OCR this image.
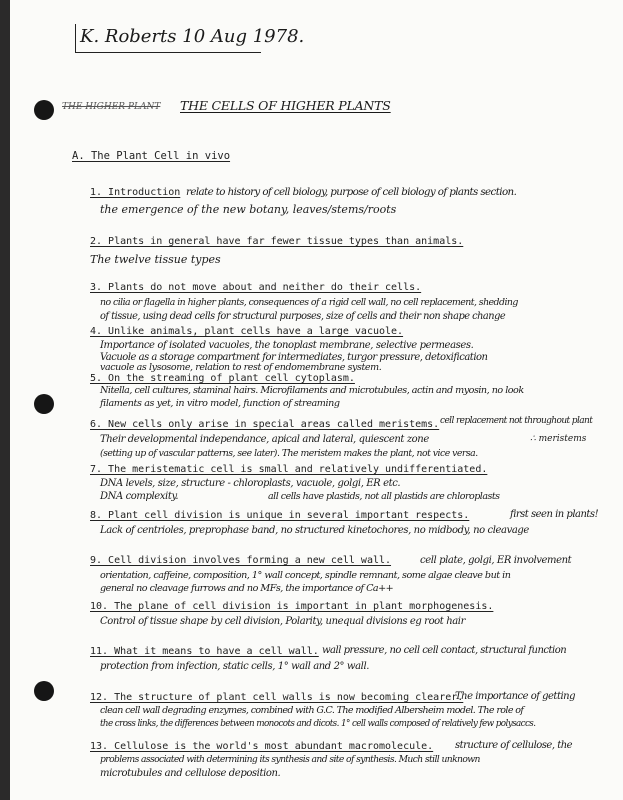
K. Roberts 10 Aug 1978.
THE HIGHER PLANT THE CELLS OF HIGHER PLANTS
A. The Plant Cell in vivo
1. Introduction relate to history of cell biology, purpose of cell biology of plants section.
the emergence of the new botany, leaves/stems/roots
2. Plants in general have far fewer tissue types than animals.
The twelve tissue types
3. Plants do not move about and neither do their cells.
no cilia or flagella in higher plants, consequences of a rigid cell wall, no cell replacement, shedding
of tissue, using dead cells for structural purposes, size of cells and their non shape change
4. Unlike animals, plant cells have a large vacuole.
Importance of isolated vacuoles, the tonoplast membrane, selective permeases.
Vacuole as a storage compartment for intermediates, turgor pressure, detoxification
vacuole as lysosome, relation to rest of endomembrane system.
5. On the streaming of plant cell cytoplasm.
Nitella, cell cultures, staminal hairs. Microfilaments and microtubules, actin and myosin, no look
filaments as yet, in vitro model, function of streaming
6. New cells only arise in special areas called meristems. cell replacement not throughout plant
Their developmental independance, apical and lateral, quiescent zone
(setting up of vascular patterns, see later). The meristem makes the plant, not vice versa.
∴ meristems
7. The meristematic cell is small and relatively undifferentiated.
DNA levels, size, structure - chloroplasts, vacuole, golgi, ER etc.
DNA complexity.	all cells have plastids, not all plastids are chloroplasts
8. Plant cell division is unique in several important respects.	first seen in plants!
Lack of centrioles, preprophase band, no structured kinetochores, no midbody, no cleavage
9. Cell division involves forming a new cell wall.	cell plate, golgi, ER involvement
orientation, caffeine, composition, 1° wall concept, spindle remnant, some algae cleave but in
general no cleavage furrows and no MFs, the importance of Ca++
10. The plane of cell division is important in plant morphogenesis.
Control of tissue shape by cell division, Polarity, unequal divisions eg root hair
11. What it means to have a cell wall. wall pressure, no cell cell contact, structural function
protection from infection, static cells, 1° wall and 2° wall.
12. The structure of plant cell walls is now becoming clearer.
The importance of getting
clean cell wall degrading enzymes, combined with G.C. The modified Albersheim model. The role of
the cross links, the differences between monocots and dicots. 1° cell walls composed of relatively few polysaccs.
13. Cellulose is the world's most abundant macromolecule. structure of cellulose, the
problems associated with determining its synthesis and site of synthesis. Much still unknown
microtubules and cellulose deposition.
